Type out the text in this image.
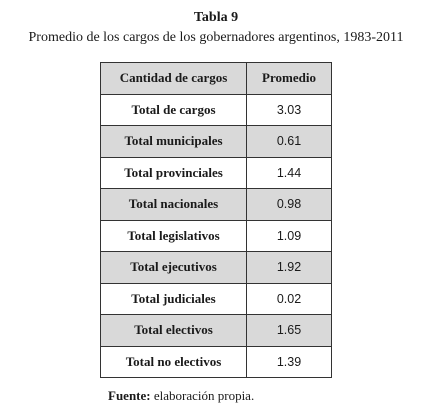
Tabla 9
Promedio de los cargos de los gobernadores argentinos, 1983-2011
Cantidad de cargos	Promedio
Total de cargos	3.03
Total municipales	0.61
Total provinciales	1.44
Total nacionales	0.98
Total legislativos	1.09
Total ejecutivos	1.92
Total judiciales	0.02
Total electivos	1.65
Total no electivos	1.39
Fuente: elaboración propia.
